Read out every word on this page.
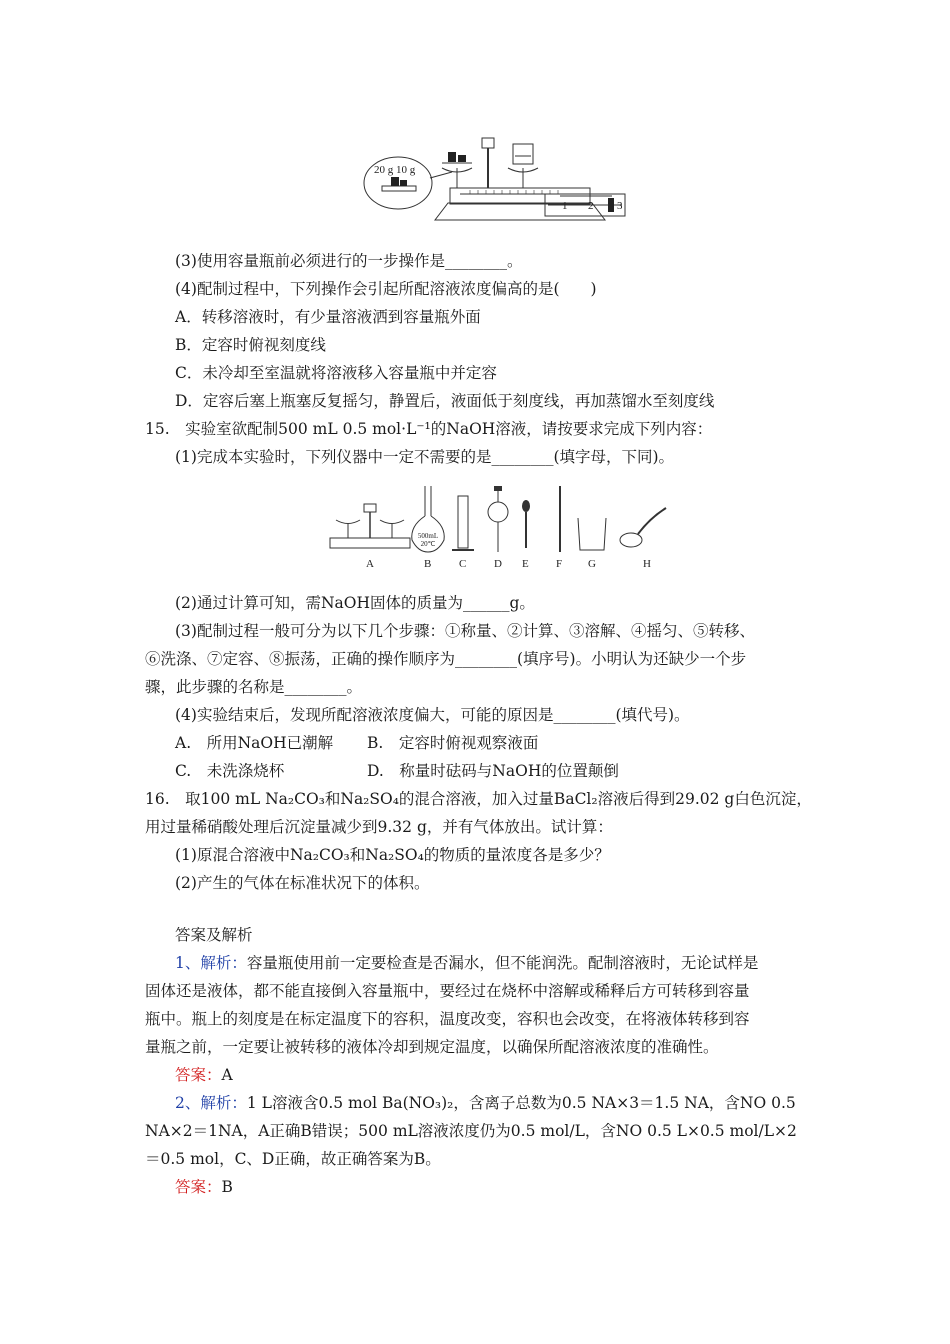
20 g 10 g
1 2 3
(3)使用容量瓶前必须进行的一步操作是________。
(4)配制过程中，下列操作会引起所配溶液浓度偏高的是(　　)
A．转移溶液时，有少量溶液洒到容量瓶外面
B．定容时俯视刻度线
C．未冷却至室温就将溶液移入容量瓶中并定容
D．定容后塞上瓶塞反复摇匀，静置后，液面低于刻度线，再加蒸馏水至刻度线
15.　实验室欲配制500 mL 0.5 mol·L⁻¹的NaOH溶液，请按要求完成下列内容：
(1)完成本实验时，下列仪器中一定不需要的是________(填字母，下同)。
500mL 20℃
A	B	C	D E F G	H
(2)通过计算可知，需NaOH固体的质量为______g。
(3)配制过程一般可分为以下几个步骤：①称量、②计算、③溶解、④摇匀、⑤转移、
⑥洗涤、⑦定容、⑧振荡，正确的操作顺序为________(填序号)。小明认为还缺少一个步
骤，此步骤的名称是________。
(4)实验结束后，发现所配溶液浓度偏大，可能的原因是________(填代号)。
A.　所用NaOH已潮解 B.　定容时俯视观察液面
C.　未洗涤烧杯	D.　称量时砝码与NaOH的位置颠倒
16.　取100 mL Na₂CO₃和Na₂SO₄的混合溶液，加入过量BaCl₂溶液后得到29.02 g白色沉淀，
用过量稀硝酸处理后沉淀量减少到9.32 g，并有气体放出。试计算：
(1)原混合溶液中Na₂CO₃和Na₂SO₄的物质的量浓度各是多少？
(2)产生的气体在标准状况下的体积。
答案及解析
1、解析：容量瓶使用前一定要检查是否漏水，但不能润洗。配制溶液时，无论试样是
固体还是液体，都不能直接倒入容量瓶中，要经过在烧杯中溶解或稀释后方可转移到容量
瓶中。瓶上的刻度是在标定温度下的容积，温度改变，容积也会改变，在将液体转移到容
量瓶之前，一定要让被转移的液体冷却到规定温度，以确保所配溶液浓度的准确性。
答案：A
2、解析：1 L溶液含0.5 mol Ba(NO₃)₂，含离子总数为0.5 NA×3＝1.5 NA，含NO 0.5
NA×2＝1NA，A正确B错误；500 mL溶液浓度仍为0.5 mol/L，含NO 0.5 L×0.5 mol/L×2
＝0.5 mol，C、D正确，故正确答案为B。
答案：B
